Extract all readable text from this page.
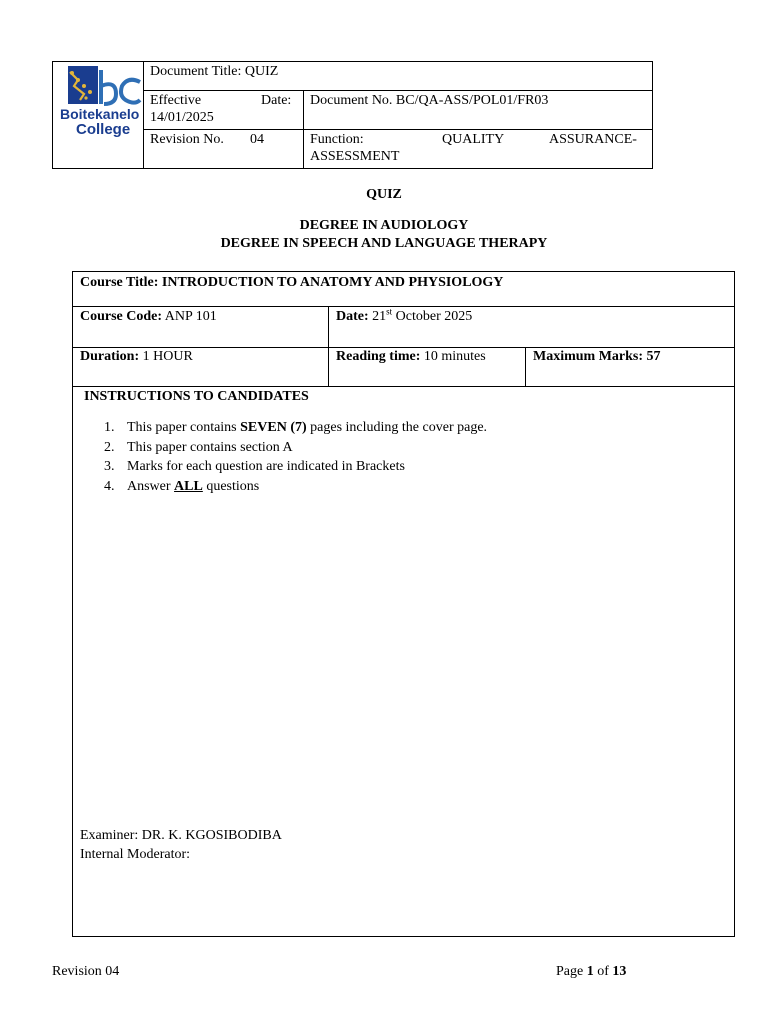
Boitekanelo
College
Document Title: QUIZ
Effective	Date:
14/01/2025
Document No. BC/QA-ASS/POL01/FR03
Revision No. 04	Function:	QUALITY	ASSURANCE-
ASSESSMENT
QUIZ
DEGREE IN AUDIOLOGY
DEGREE IN SPEECH AND LANGUAGE THERAPY
Course Title: INTRODUCTION TO ANATOMY AND PHYSIOLOGY
Course Code: ANP 101	Date: 21st October 2025
Duration: 1 HOUR	Reading time: 10 minutes	Maximum Marks: 57
INSTRUCTIONS TO CANDIDATES
1. This paper contains SEVEN (7) pages including the cover page.
2. This paper contains section A
3. Marks for each question are indicated in Brackets
4. Answer ALL questions
Examiner: DR. K. KGOSIBODIBA
Internal Moderator:
Revision 04	Page 1 of 13
